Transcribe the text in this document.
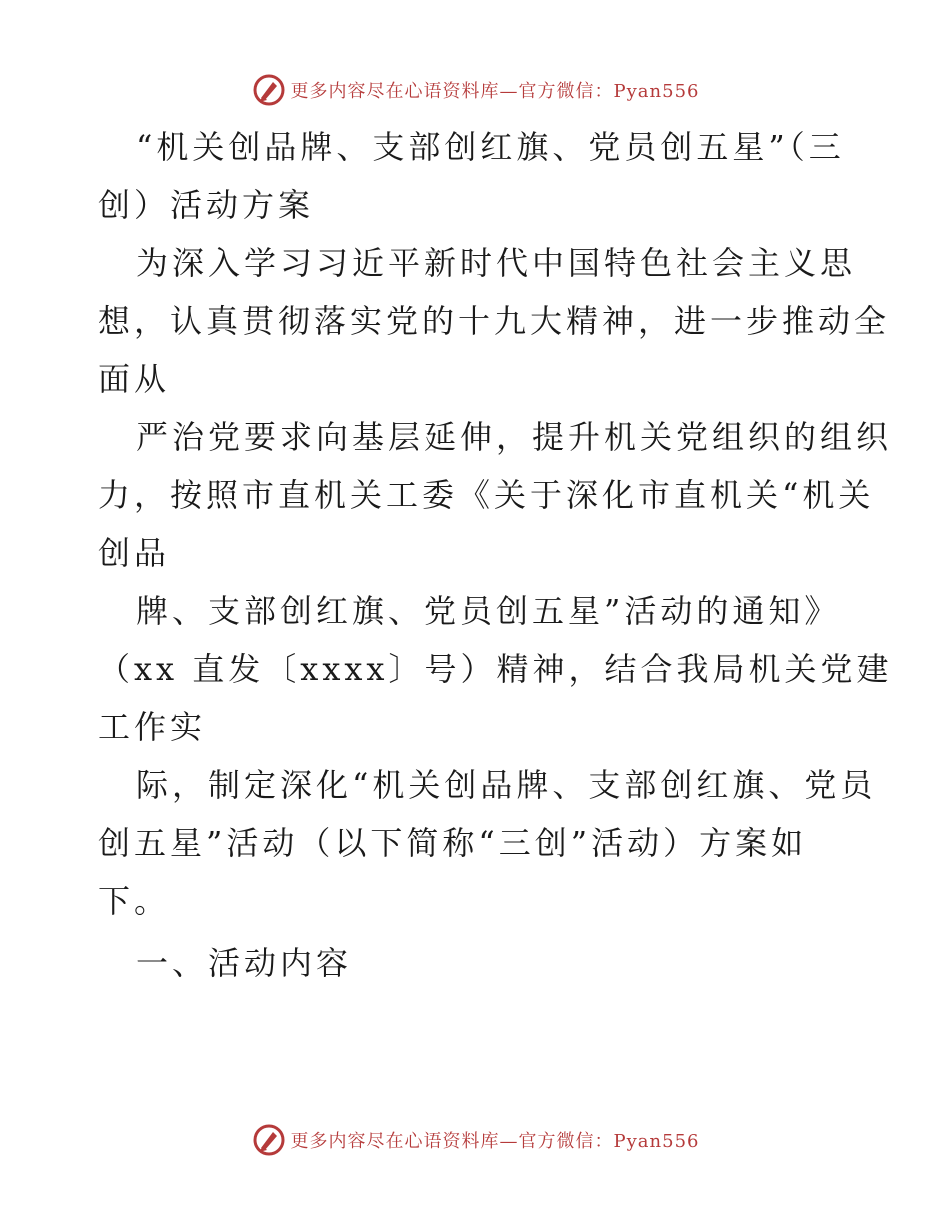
更多内容尽在心语资料库—官方微信：Pyan556
“机关创品牌、支部创红旗、党员创五星”（三
创）活动方案
为深入学习习近平新时代中国特色社会主义思
想，认真贯彻落实党的十九大精神，进一步推动全
面从
严治党要求向基层延伸，提升机关党组织的组织
力，按照市直机关工委《关于深化市直机关“机关
创品
牌、支部创红旗、党员创五星”活动的通知》
（xx 直发〔xxxx〕号）精神，结合我局机关党建
工作实
际，制定深化“机关创品牌、支部创红旗、党员
创五星”活动（以下简称“三创”活动）方案如
下。
一、活动内容
更多内容尽在心语资料库—官方微信：Pyan556
